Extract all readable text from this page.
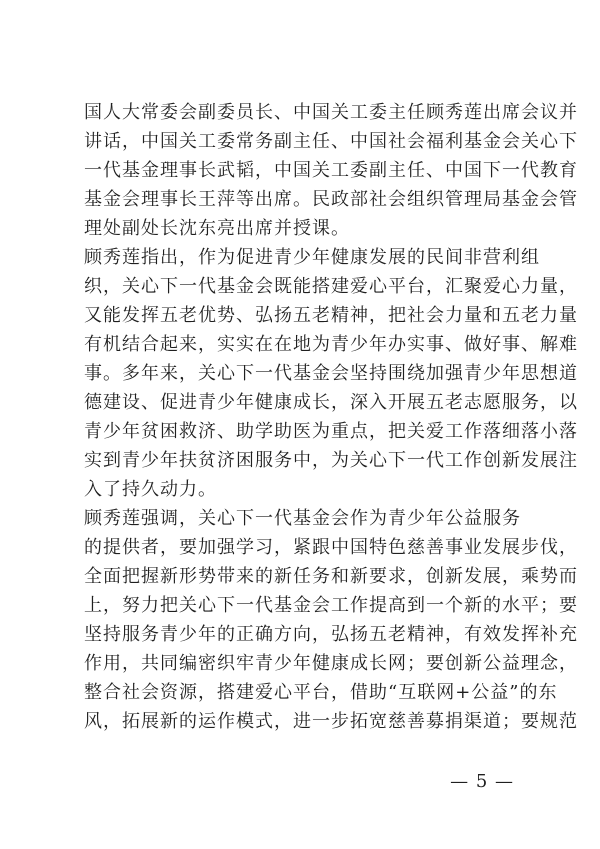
国人大常委会副委员长、中国关工委主任顾秀莲出席会议并
讲话，中国关工委常务副主任、中国社会福利基金会关心下
一代基金理事长武韬，中国关工委副主任、中国下一代教育
基金会理事长王萍等出席。民政部社会组织管理局基金会管
理处副处长沈东亮出席并授课。
顾秀莲指出，作为促进青少年健康发展的民间非营利组
织，关心下一代基金会既能搭建爱心平台，汇聚爱心力量，
又能发挥五老优势、弘扬五老精神，把社会力量和五老力量
有机结合起来，实实在在地为青少年办实事、做好事、解难
事。多年来，关心下一代基金会坚持围绕加强青少年思想道
德建设、促进青少年健康成长，深入开展五老志愿服务，以
青少年贫困救济、助学助医为重点，把关爱工作落细落小落
实到青少年扶贫济困服务中，为关心下一代工作创新发展注
入了持久动力。
顾秀莲强调，关心下一代基金会作为青少年公益服务
的提供者，要加强学习，紧跟中国特色慈善事业发展步伐，
全面把握新形势带来的新任务和新要求，创新发展，乘势而
上，努力把关心下一代基金会工作提高到一个新的水平；要
坚持服务青少年的正确方向，弘扬五老精神，有效发挥补充
作用，共同编密织牢青少年健康成长网；要创新公益理念，
整合社会资源，搭建爱心平台，借助“互联网+公益”的东
风，拓展新的运作模式，进一步拓宽慈善募捐渠道；要规范
— 5 —
